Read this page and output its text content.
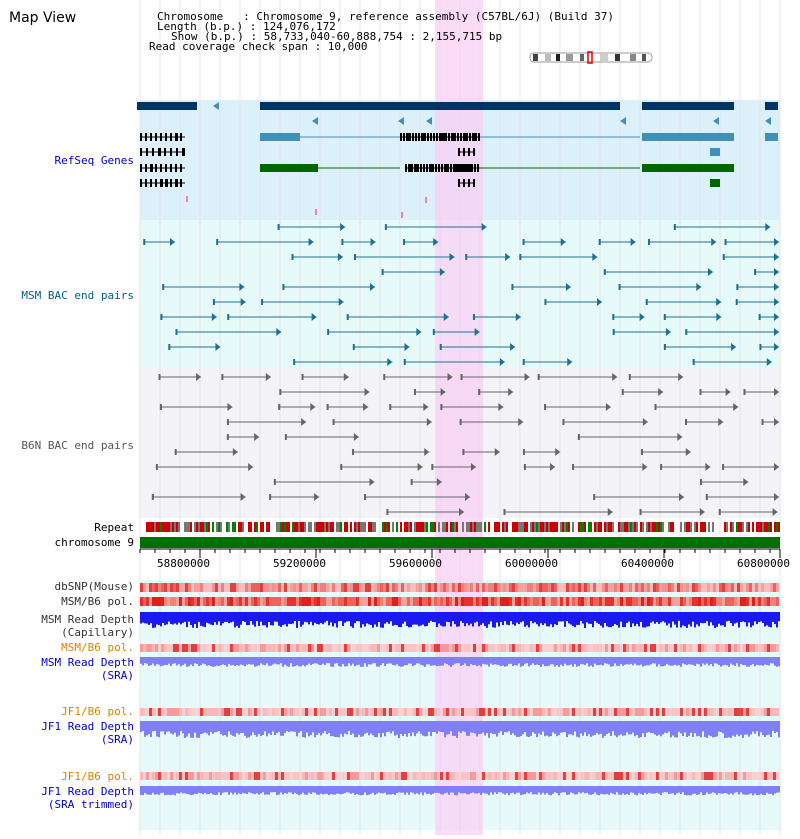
Map View	Chromosome   : Chromosome 9, reference assembly (C57BL/6J) (Build 37)
Length (b.p.) : 124,076,172
Show (b.p.) : 58,733,040-60,888,754 : 2,155,715 bp
Read coverage check span : 10,000
RefSeq Genes
MSM BAC end pairs
B6N BAC end pairs
Repeat
chromosome 9
dbSNP(Mouse)
MSM/B6 pol.
MSM Read Depth
(Capillary)
MSM/B6 pol.
MSM Read Depth
(SRA)
JF1/B6 pol.
JF1 Read Depth
(SRA)
JF1/B6 pol.
JF1 Read Depth
(SRA trimmed)
58800000	59200000	59600000	60000000	60400000	60800000
